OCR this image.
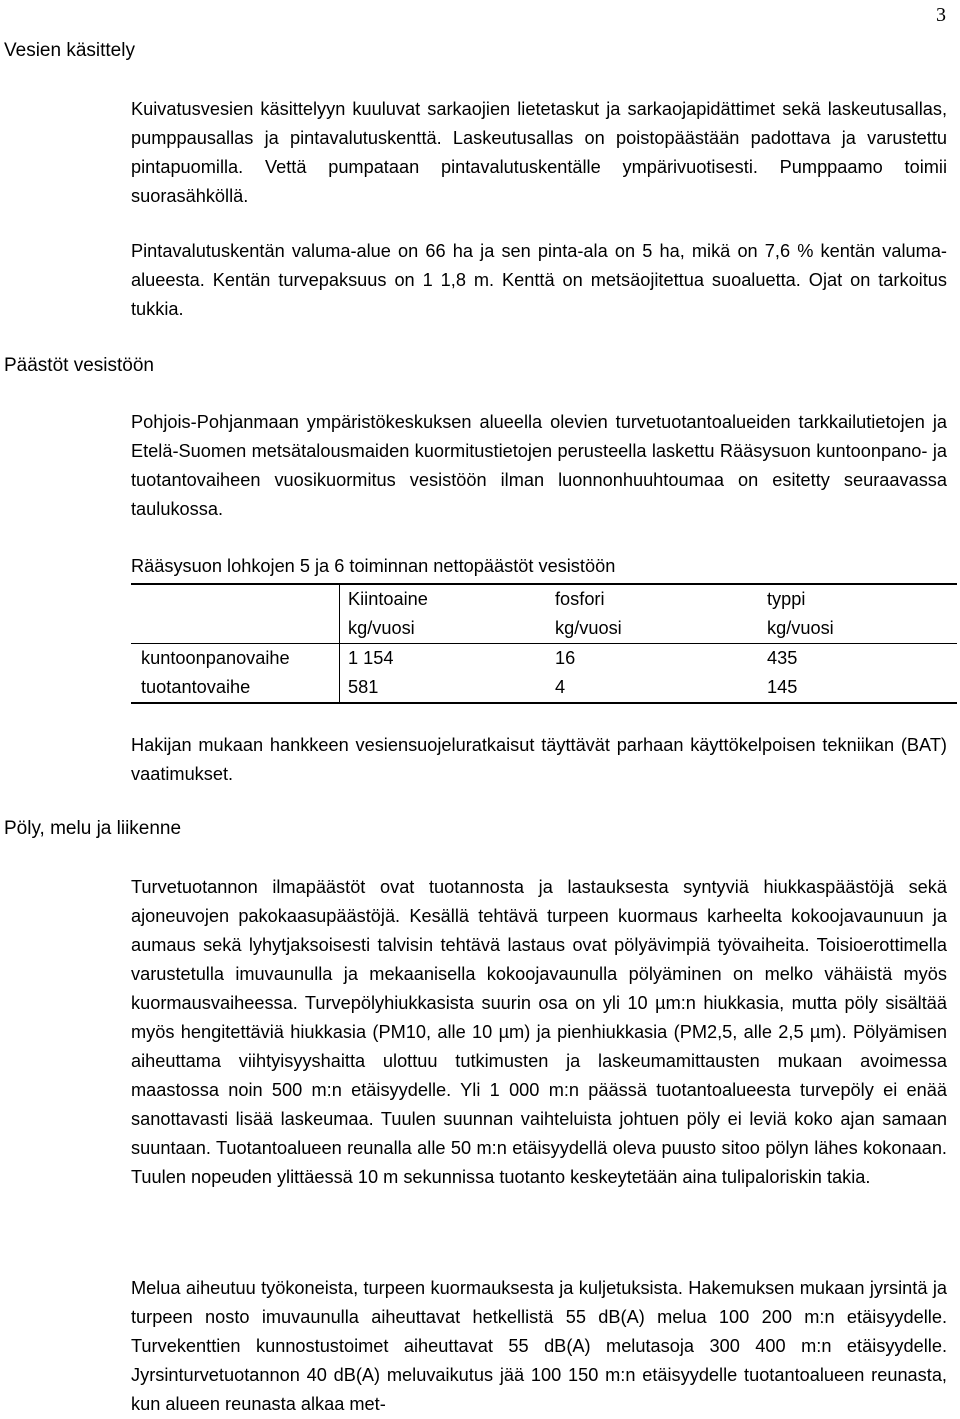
3
Vesien käsittely
Päästöt vesistöön
Pöly, melu ja liikenne

Kuivatusvesien käsittelyyn kuuluvat sarkaojien lietetaskut ja sarkaojapidättimet sekä laskeutusallas, pumppausallas ja pintavalutuskenttä. Laskeutusallas on poistopäästään padottava ja varustettu pintapuomilla. Vettä pumpataan pintavalutuskentälle ympärivuotisesti. Pumppaamo toimii suorasähköllä.

Pintavalutuskentän valuma-alue on 66 ha ja sen pinta-ala on 5 ha, mikä on 7,6 % kentän valuma-alueesta. Kentän turvepaksuus on 1 1,8 m. Kenttä on metsäojitettua suoaluetta. Ojat on tarkoitus tukkia.

Pohjois-Pohjanmaan ympäristökeskuksen alueella olevien turvetuotantoalueiden tarkkailutietojen ja Etelä-Suomen metsätalousmaiden kuormitustietojen perusteella laskettu Rääsysuon kuntoonpano- ja tuotantovaiheen vuosikuormitus vesistöön ilman luonnonhuuhtoumaa on esitetty seuraavassa taulukossa.

Rääsysuon lohkojen 5 ja 6 toiminnan nettopäästöt vesistöön

	Kiintoaine	fosfori	typpi
	kg/vuosi	kg/vuosi	kg/vuosi
kuntoonpanovaihe	1 154	16	435
tuotantovaihe	581	4	145

Hakijan mukaan hankkeen vesiensuojeluratkaisut täyttävät parhaan käyttökelpoisen tekniikan (BAT) vaatimukset.

Turvetuotannon ilmapäästöt ovat tuotannosta ja lastauksesta syntyviä hiukkaspäästöjä sekä ajoneuvojen pakokaasupäästöjä. Kesällä tehtävä turpeen kuormaus karheelta kokoojavaunuun ja aumaus sekä lyhytjaksoisesti talvisin tehtävä lastaus ovat pölyävimpiä työvaiheita. Toisioerottimella varustetulla imuvaunulla ja mekaanisella kokoojavaunulla pölyäminen on melko vähäistä myös kuormausvaiheessa. Turvepölyhiukkasista suurin osa on yli 10 µm:n hiukkasia, mutta pöly sisältää myös hengitettäviä hiukkasia (PM10, alle 10 µm) ja pienhiukkasia (PM2,5, alle 2,5 µm). Pölyämisen aiheuttama viihtyisyyshaitta ulottuu tutkimusten ja laskeumamittausten mukaan avoimessa maastossa noin 500 m:n etäisyydelle. Yli 1 000 m:n päässä tuotantoalueesta turvepöly ei enää sanottavasti lisää laskeumaa. Tuulen suunnan vaihteluista johtuen pöly ei leviä koko ajan samaan suuntaan. Tuotantoalueen reunalla alle 50 m:n etäisyydellä oleva puusto sitoo pölyn lähes kokonaan. Tuulen nopeuden ylittäessä 10 m sekunnissa tuotanto keskeytetään aina tulipaloriskin takia.

Melua aiheutuu työkoneista, turpeen kuormauksesta ja kuljetuksista. Hakemuksen mukaan jyrsintä ja turpeen nosto imuvaunulla aiheuttavat hetkellistä 55 dB(A) melua 100 200 m:n etäisyydelle. Turvekenttien kunnostustoimet aiheuttavat 55 dB(A) melutasoja 300 400 m:n etäisyydelle. Jyrsinturvetuotannon 40 dB(A) meluvaikutus jää 100 150 m:n etäisyydelle tuotantoalueen reunasta, kun alueen reunasta alkaa met-
